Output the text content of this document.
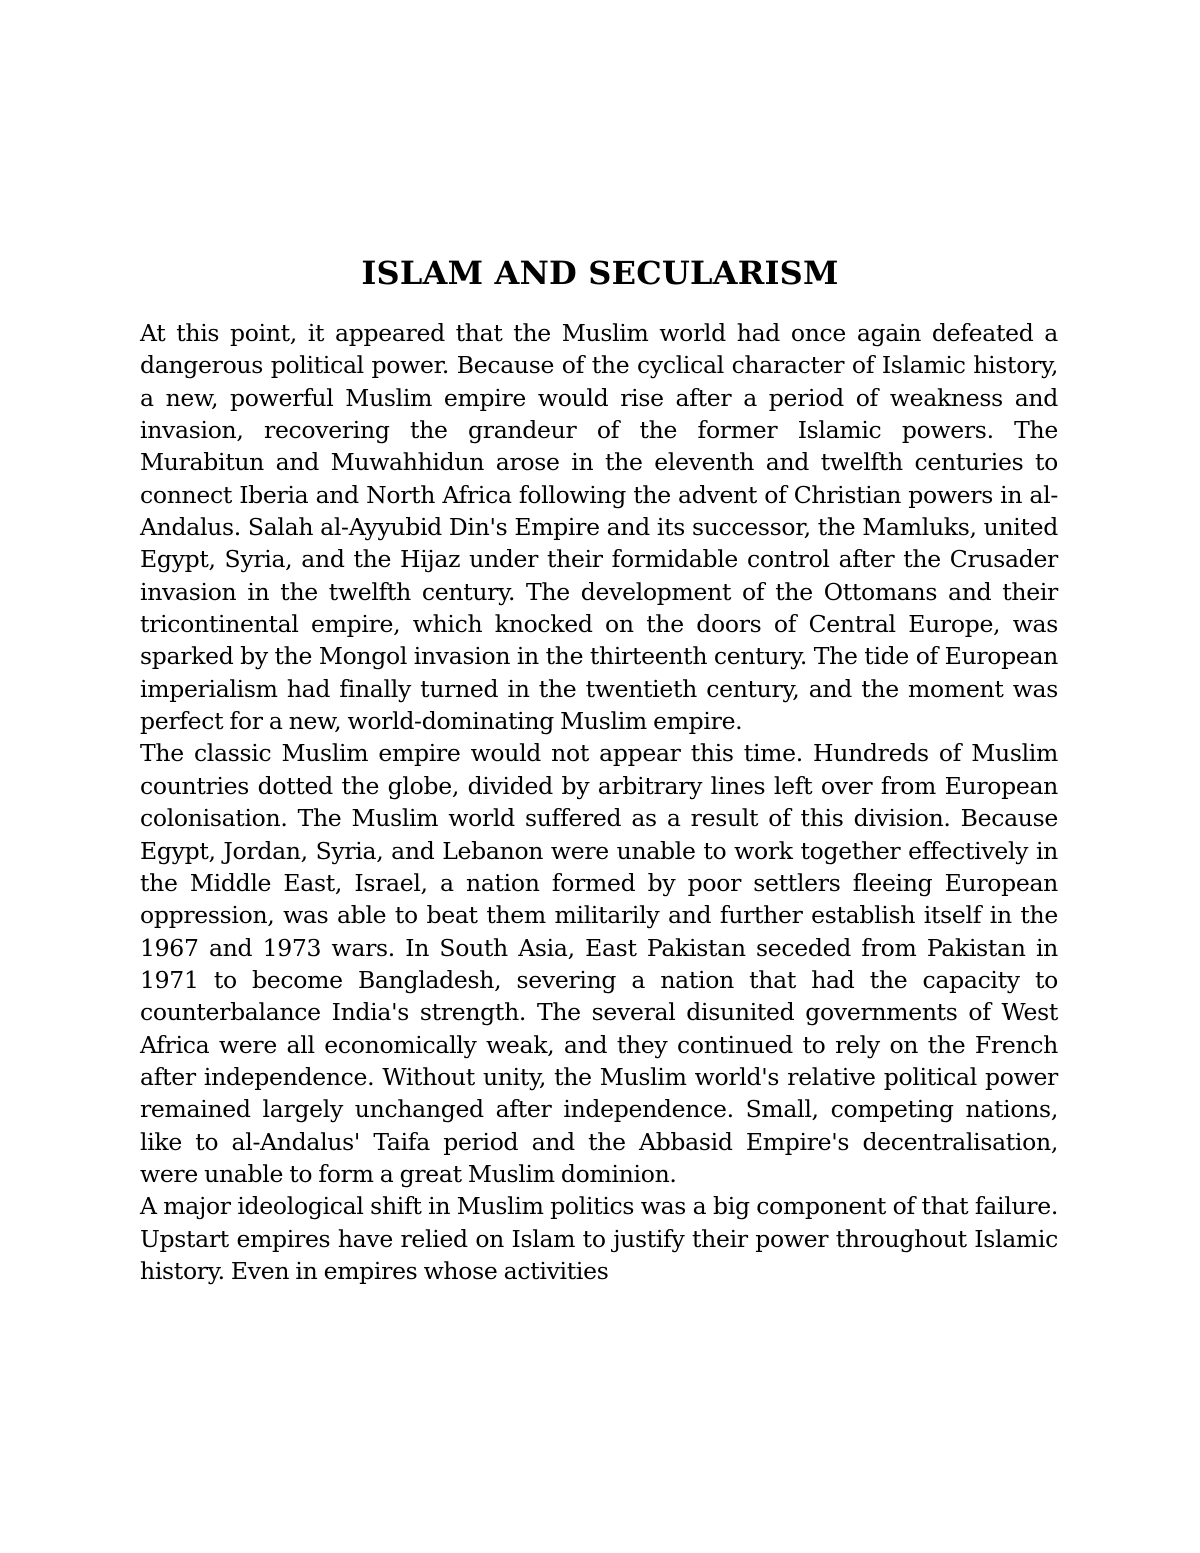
ISLAM AND SECULARISM

At this point, it appeared that the Muslim world had once again defeated a dangerous political power. Because of the cyclical character of Islamic history, a new, powerful Muslim empire would rise after a period of weakness and invasion, recovering the grandeur of the former Islamic powers. The Murabitun and Muwahhidun arose in the eleventh and twelfth centuries to connect Iberia and North Africa following the advent of Christian powers in al-Andalus. Salah al-Ayyubid Din's Empire and its successor, the Mamluks, united Egypt, Syria, and the Hijaz under their formidable control after the Crusader invasion in the twelfth century. The development of the Ottomans and their tricontinental empire, which knocked on the doors of Central Europe, was sparked by the Mongol invasion in the thirteenth century. The tide of European imperialism had finally turned in the twentieth century, and the moment was perfect for a new, world-dominating Muslim empire.

The classic Muslim empire would not appear this time. Hundreds of Muslim countries dotted the globe, divided by arbitrary lines left over from European colonisation. The Muslim world suffered as a result of this division. Because Egypt, Jordan, Syria, and Lebanon were unable to work together effectively in the Middle East, Israel, a nation formed by poor settlers fleeing European oppression, was able to beat them militarily and further establish itself in the 1967 and 1973 wars. In South Asia, East Pakistan seceded from Pakistan in 1971 to become Bangladesh, severing a nation that had the capacity to counterbalance India's strength. The several disunited governments of West Africa were all economically weak, and they continued to rely on the French after independence. Without unity, the Muslim world's relative political power remained largely unchanged after independence. Small, competing nations, like to al-Andalus' Taifa period and the Abbasid Empire's decentralisation, were unable to form a great Muslim dominion.

A major ideological shift in Muslim politics was a big component of that failure. Upstart empires have relied on Islam to justify their power throughout Islamic history. Even in empires whose activities
